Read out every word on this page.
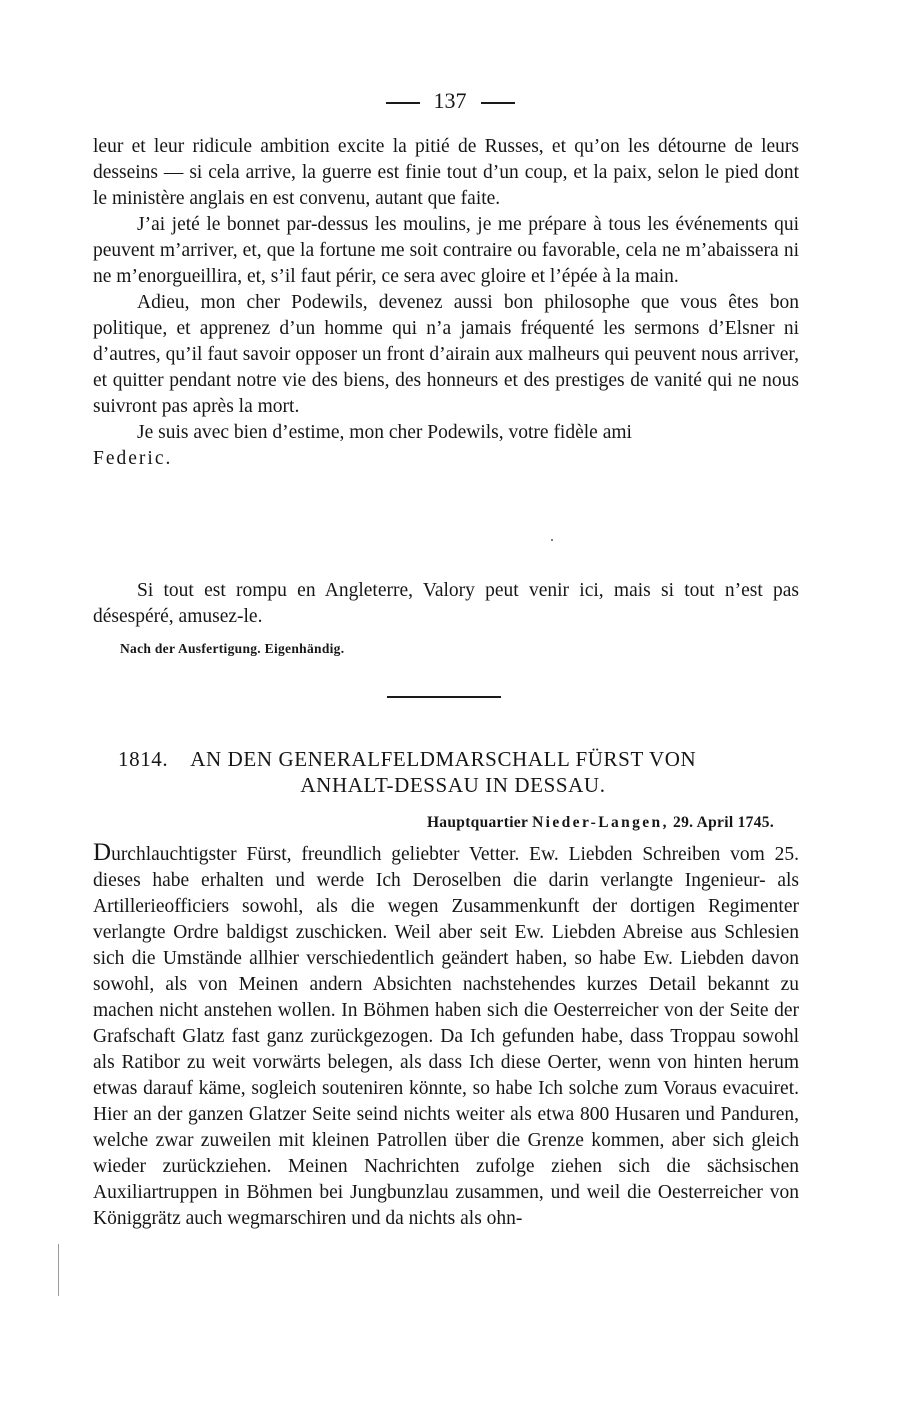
137

leur et leur ridicule ambition excite la pitié de Russes, et qu’on les détourne de leurs desseins — si cela arrive, la guerre est finie tout d’un coup, et la paix, selon le pied dont le ministère anglais en est convenu, autant que faite.

J’ai jeté le bonnet par-dessus les moulins, je me prépare à tous les événements qui peuvent m’arriver, et, que la fortune me soit contraire ou favorable, cela ne m’abaissera ni ne m’enorgueillira, et, s’il faut périr, ce sera avec gloire et l’épée à la main.

Adieu, mon cher Podewils, devenez aussi bon philosophe que vous êtes bon politique, et apprenez d’un homme qui n’a jamais fréquenté les sermons d’Elsner ni d’autres, qu’il faut savoir opposer un front d’airain aux malheurs qui peuvent nous arriver, et quitter pendant notre vie des biens, des honneurs et des prestiges de vanité qui ne nous suivront pas après la mort.

Je suis avec bien d’estime, mon cher Podewils, votre fidèle ami

Federic.

Si tout est rompu en Angleterre, Valory peut venir ici, mais si tout n’est pas désespéré, amusez-le.

Nach der Ausfertigung. Eigenhändig.
1814. AN DEN GENERALFELDMARSCHALL FÜRST VON
ANHALT-DESSAU IN DESSAU.
Hauptquartier Nieder-Langen, 29. April 1745.

Durchlauchtigster Fürst, freundlich geliebter Vetter. Ew. Liebden Schreiben vom 25. dieses habe erhalten und werde Ich Deroselben die darin verlangte Ingenieur- als Artillerieofficiers sowohl, als die wegen Zusammenkunft der dortigen Regimenter verlangte Ordre baldigst zuschicken. Weil aber seit Ew. Liebden Abreise aus Schlesien sich die Umstände allhier verschiedentlich geändert haben, so habe Ew. Liebden davon sowohl, als von Meinen andern Absichten nachstehendes kurzes Detail bekannt zu machen nicht anstehen wollen. In Böhmen haben sich die Oesterreicher von der Seite der Grafschaft Glatz fast ganz zurückgezogen. Da Ich gefunden habe, dass Troppau sowohl als Ratibor zu weit vorwärts belegen, als dass Ich diese Oerter, wenn von hinten herum etwas darauf käme, sogleich souteniren könnte, so habe Ich solche zum Voraus evacuiret. Hier an der ganzen Glatzer Seite seind nichts weiter als etwa 800 Husaren und Panduren, welche zwar zuweilen mit kleinen Patrollen über die Grenze kommen, aber sich gleich wieder zurückziehen. Meinen Nachrichten zufolge ziehen sich die sächsischen Auxiliartruppen in Böhmen bei Jungbunzlau zusammen, und weil die Oesterreicher von Königgrätz auch wegmarschiren und da nichts als ohn-
